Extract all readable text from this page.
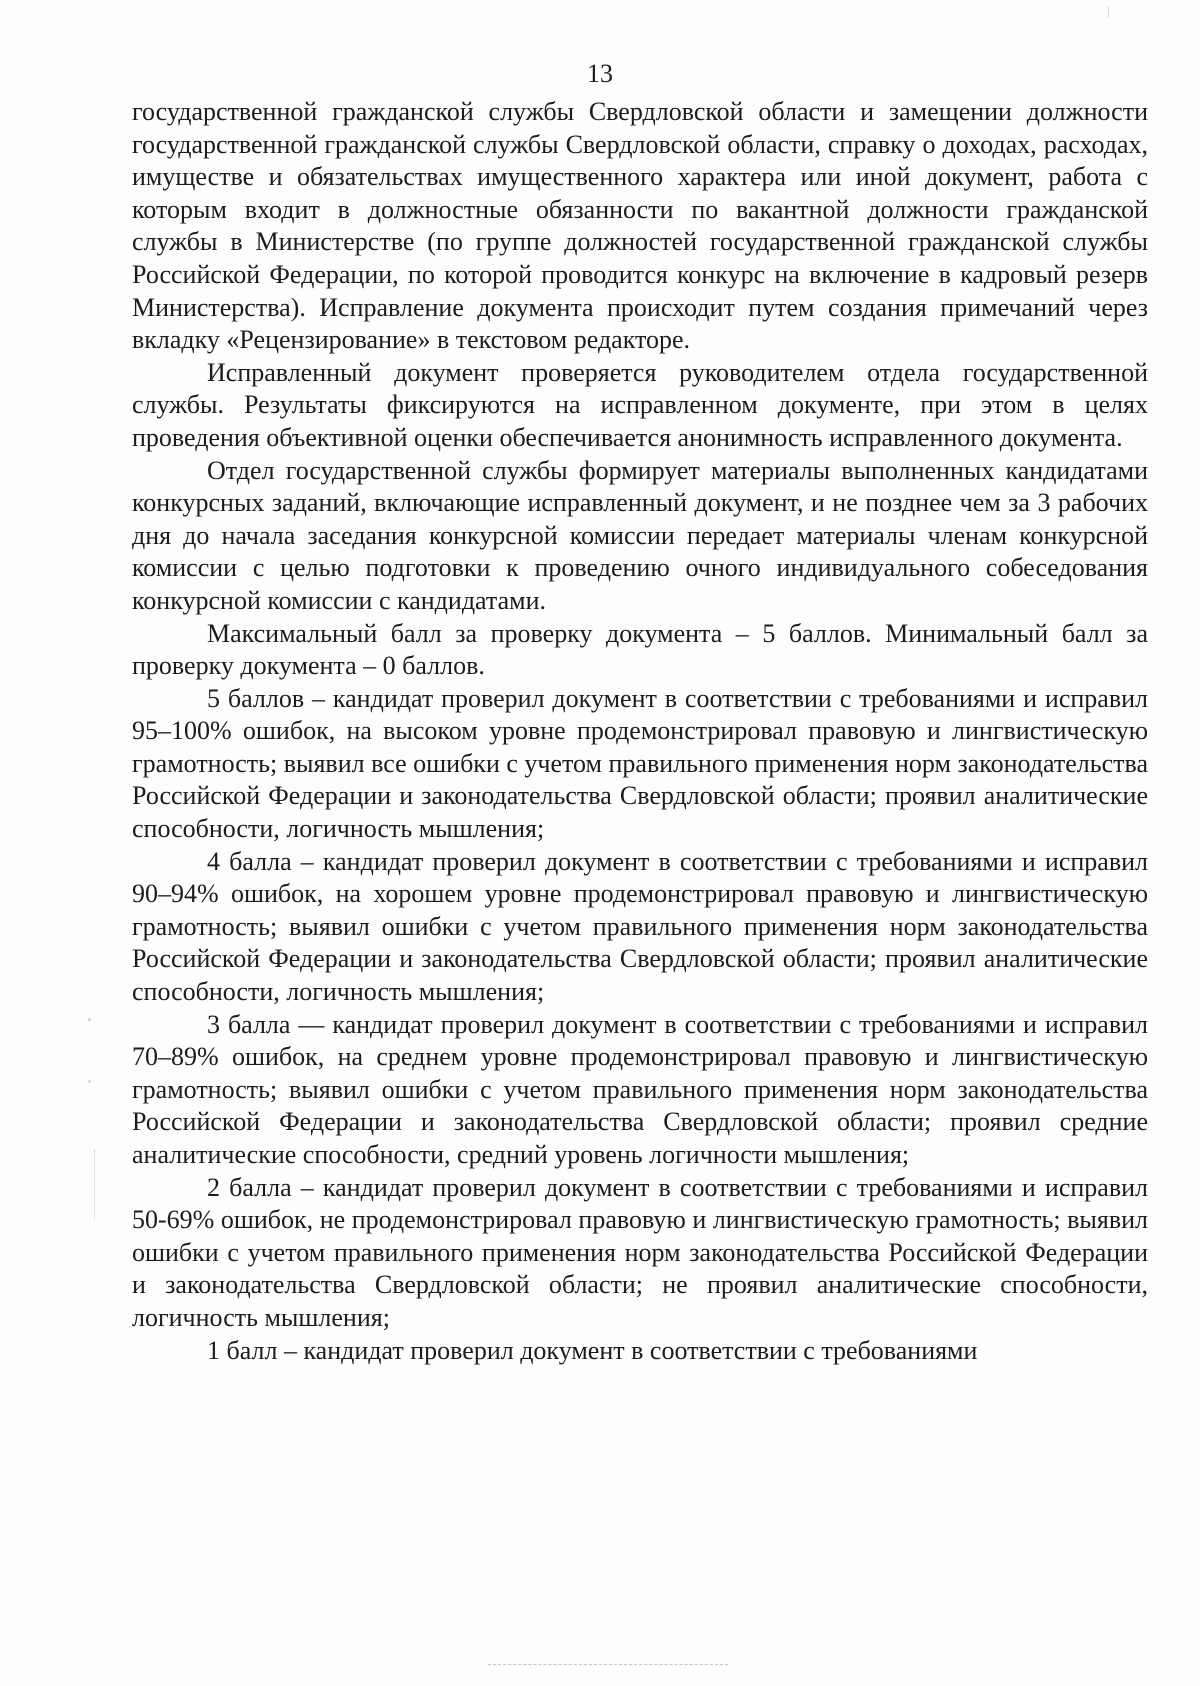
13

государственной гражданской службы Свердловской области и замещении должности государственной гражданской службы Свердловской области, справку о доходах, расходах, имуществе и обязательствах имущественного характера или иной документ, работа с которым входит в должностные обязанности по вакантной должности гражданской службы в Министерстве (по группе должностей государственной гражданской службы Российской Федерации, по которой проводится конкурс на включение в кадровый резерв Министерства). Исправление документа происходит путем создания примечаний через вкладку «Рецензирование» в текстовом редакторе.

Исправленный документ проверяется руководителем отдела государственной службы. Результаты фиксируются на исправленном документе, при этом в целях проведения объективной оценки обеспечивается анонимность исправленного документа.

Отдел государственной службы формирует материалы выполненных кандидатами конкурсных заданий, включающие исправленный документ, и не позднее чем за 3 рабочих дня до начала заседания конкурсной комиссии передает материалы членам конкурсной комиссии с целью подготовки к проведению очного индивидуального собеседования конкурсной комиссии с кандидатами.

Максимальный балл за проверку документа – 5 баллов. Минимальный балл за проверку документа – 0 баллов.

5 баллов – кандидат проверил документ в соответствии с требованиями и исправил 95–100% ошибок, на высоком уровне продемонстрировал правовую и лингвистическую грамотность; выявил все ошибки с учетом правильного применения норм законодательства Российской Федерации и законодательства Свердловской области; проявил аналитические способности, логичность мышления;

4 балла – кандидат проверил документ в соответствии с требованиями и исправил 90–94% ошибок, на хорошем уровне продемонстрировал правовую и лингвистическую грамотность; выявил ошибки с учетом правильного применения норм законодательства Российской Федерации и законодательства Свердловской области; проявил аналитические способности, логичность мышления;

3 балла — кандидат проверил документ в соответствии с требованиями и исправил 70–89% ошибок, на среднем уровне продемонстрировал правовую и лингвистическую грамотность; выявил ошибки с учетом правильного применения норм законодательства Российской Федерации и законодательства Свердловской области; проявил средние аналитические способности, средний уровень логичности мышления;

2 балла – кандидат проверил документ в соответствии с требованиями и исправил 50-69% ошибок, не продемонстрировал правовую и лингвистическую грамотность; выявил ошибки с учетом правильного применения норм законодательства Российской Федерации и законодательства Свердловской области; не проявил аналитические способности, логичность мышления;

1 балл – кандидат проверил документ в соответствии с требованиями
